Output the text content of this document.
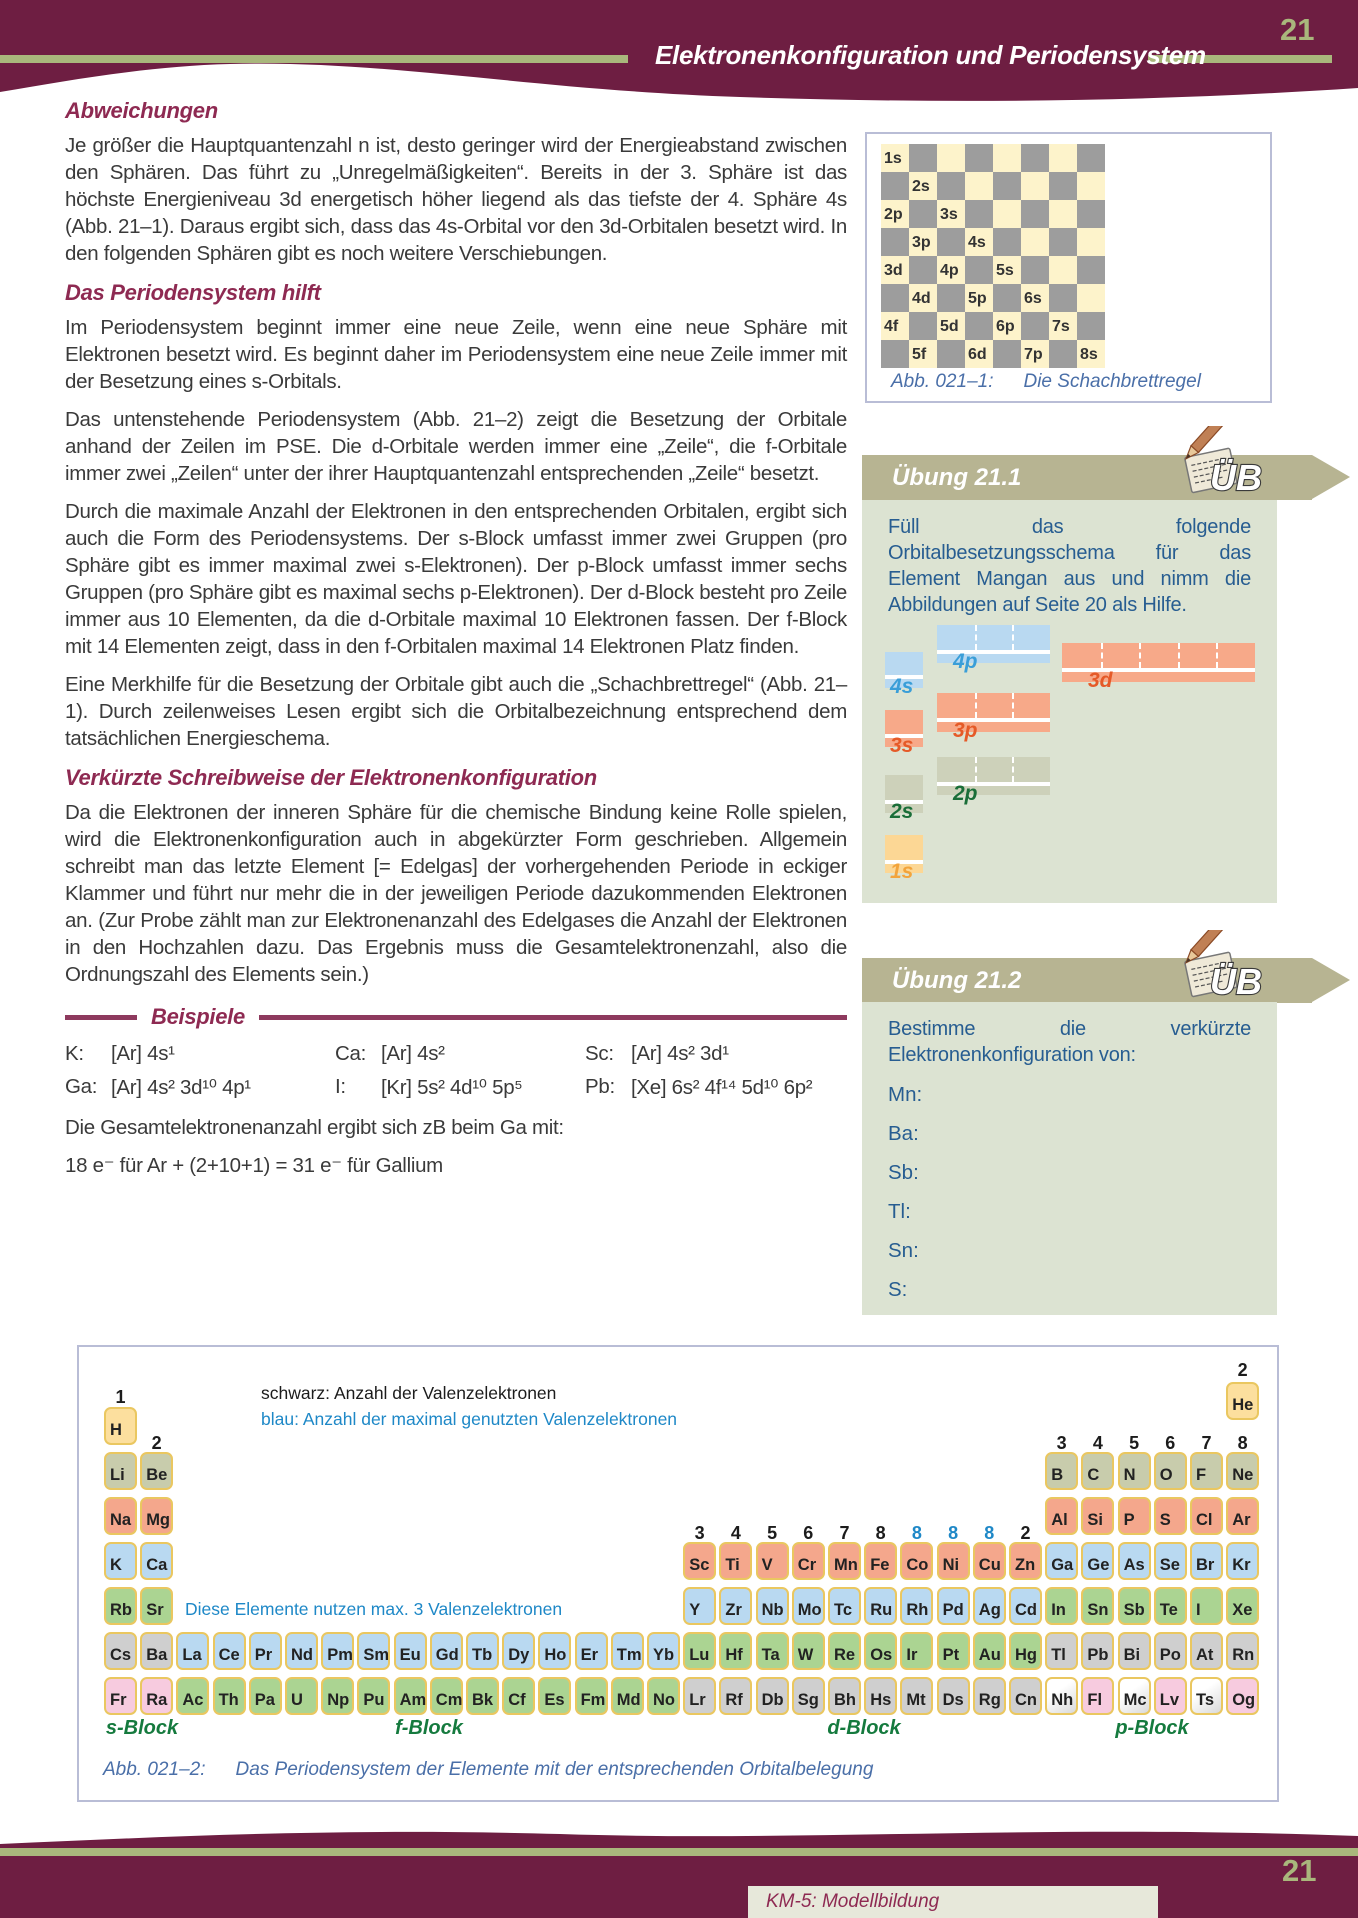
Elektronenkonfiguration und Periodensystem
21
Abweichungen

Je größer die Hauptquantenzahl n ist, desto geringer wird der Energieabstand zwischen den Sphären. Das führt zu „Unregelmäßigkeiten“. Bereits in der 3. Sphäre ist das höchste Energieniveau 3d energetisch höher liegend als das tiefste der 4. Sphäre 4s (Abb. 21–1). Daraus ergibt sich, dass das 4s-Orbital vor den 3d-Orbitalen besetzt wird. In den folgenden Sphären gibt es noch weitere Verschiebungen.

Das Periodensystem hilft

Im Periodensystem beginnt immer eine neue Zeile, wenn eine neue Sphäre mit Elektronen besetzt wird. Es beginnt daher im Periodensystem eine neue Zeile immer mit der Besetzung eines s-Orbitals.

Das untenstehende Periodensystem (Abb. 21–2) zeigt die Besetzung der Orbitale anhand der Zeilen im PSE. Die d-Orbitale werden immer eine „Zeile“, die f-Orbitale immer zwei „Zeilen“ unter der ihrer Hauptquantenzahl entsprechenden „Zeile“ besetzt.

Durch die maximale Anzahl der Elektronen in den entsprechenden Orbitalen, ergibt sich auch die Form des Periodensystems. Der s-Block umfasst immer zwei Gruppen (pro Sphäre gibt es immer maximal zwei s-Elektronen). Der p-Block umfasst immer sechs Gruppen (pro Sphäre gibt es maximal sechs p-Elektronen). Der d-Block besteht pro Zeile immer aus 10 Elementen, da die d-Orbitale maximal 10 Elektronen fassen. Der f-Block mit 14 Elementen zeigt, dass in den f-Orbitalen maximal 14 Elektronen Platz finden.

Eine Merkhilfe für die Besetzung der Orbitale gibt auch die „Schachbrettregel“ (Abb. 21–1). Durch zeilenweises Lesen ergibt sich die Orbitalbezeichnung entsprechend dem tatsächlichen Energieschema.

Verkürzte Schreibweise der Elektronenkonfiguration

Da die Elektronen der inneren Sphäre für die chemische Bindung keine Rolle spielen, wird die Elektronenkonfiguration auch in abgekürzter Form geschrieben. Allgemein schreibt man das letzte Element [= Edelgas] der vorhergehenden Periode in eckiger Klammer und führt nur mehr die in der jeweiligen Periode dazukommenden Elektronen an. (Zur Probe zählt man zur Elektronenanzahl des Edelgases die Anzahl der Elektronen in den Hochzahlen dazu. Das Ergebnis muss die Gesamtelektronenzahl, also die Ordnungszahl des Elements sein.)

Beispiele
K:	[Ar] 4s¹	Ca: [Ar] 4s²	Sc: [Ar] 4s² 3d¹
Ga: [Ar] 4s² 3d¹⁰ 4p¹	I:	[Kr] 5s² 4d¹⁰ 5p⁵	Pb: [Xe] 6s² 4f¹⁴ 5d¹⁰ 6p²

Die Gesamtelektronenanzahl ergibt sich zB beim Ga mit:

18 e⁻ für Ar + (2+10+1) = 31 e⁻ für Gallium

1s
2s
2p	3s
3p	4s
3d	4p	5s
4d	5p	6s
4f	5d	6p	7s
5f	6d	7p	8s
Abb. 021–1: Die Schachbrettregel
Übung 21.1	ÜB
Füll das folgende Orbitalbesetzungsschema für das Element Mangan aus und nimm die Abbildungen auf Seite 20 als Hilfe.
4p
4s	3d
3p
3s
2p
2s
1s
Übung 21.2	ÜB
Bestimme die verkürzte Elektronenkonfiguration von:
Mn:
Ba:
Sb:
Tl:
Sn:
S:
schwarz: Anzahl der Valenzelektronen
blau: Anzahl der maximal genutzten Valenzelektronen
Diese Elemente nutzen max. 3 Valenzelektronen
H
He
Li	Be	B	C	N	O	F	Ne
Na Mg	Al	Si	P	S	Cl	Ar
K	Ca	Sc Ti	V	Cr	Mn Fe	Co Ni	Cu Zn Ga Ge As Se Br	Kr
Rb Sr	Y	Zr	Nb Mo Tc	Ru Rh Pd Ag Cd In	Sn Sb Te	I	Xe
Cs Ba La	Ce Pr	Nd Pm Sm Eu Gd Tb Dy Ho Er	Tm Yb Lu Hf	Ta	W	Re Os Ir	Pt	Au Hg Tl	Pb Bi	Po At	Rn
Fr	Ra Ac Th Pa U	Np Pu Am Cm Bk Cf	Es Fm Md No Lr	Rf	Db Sg Bh Hs Mt	Ds Rg Cn Nh Fl	Mc Lv	Ts	Og
1
2
2
3	4	5	6	7	8
3	4	5	6	7	8	8	8	8	2
s-Block	f-Block	d-Block	p-Block
Abb. 021–2: Das Periodensystem der Elemente mit der entsprechenden Orbitalbelegung
21
KM-5: Modellbildung
